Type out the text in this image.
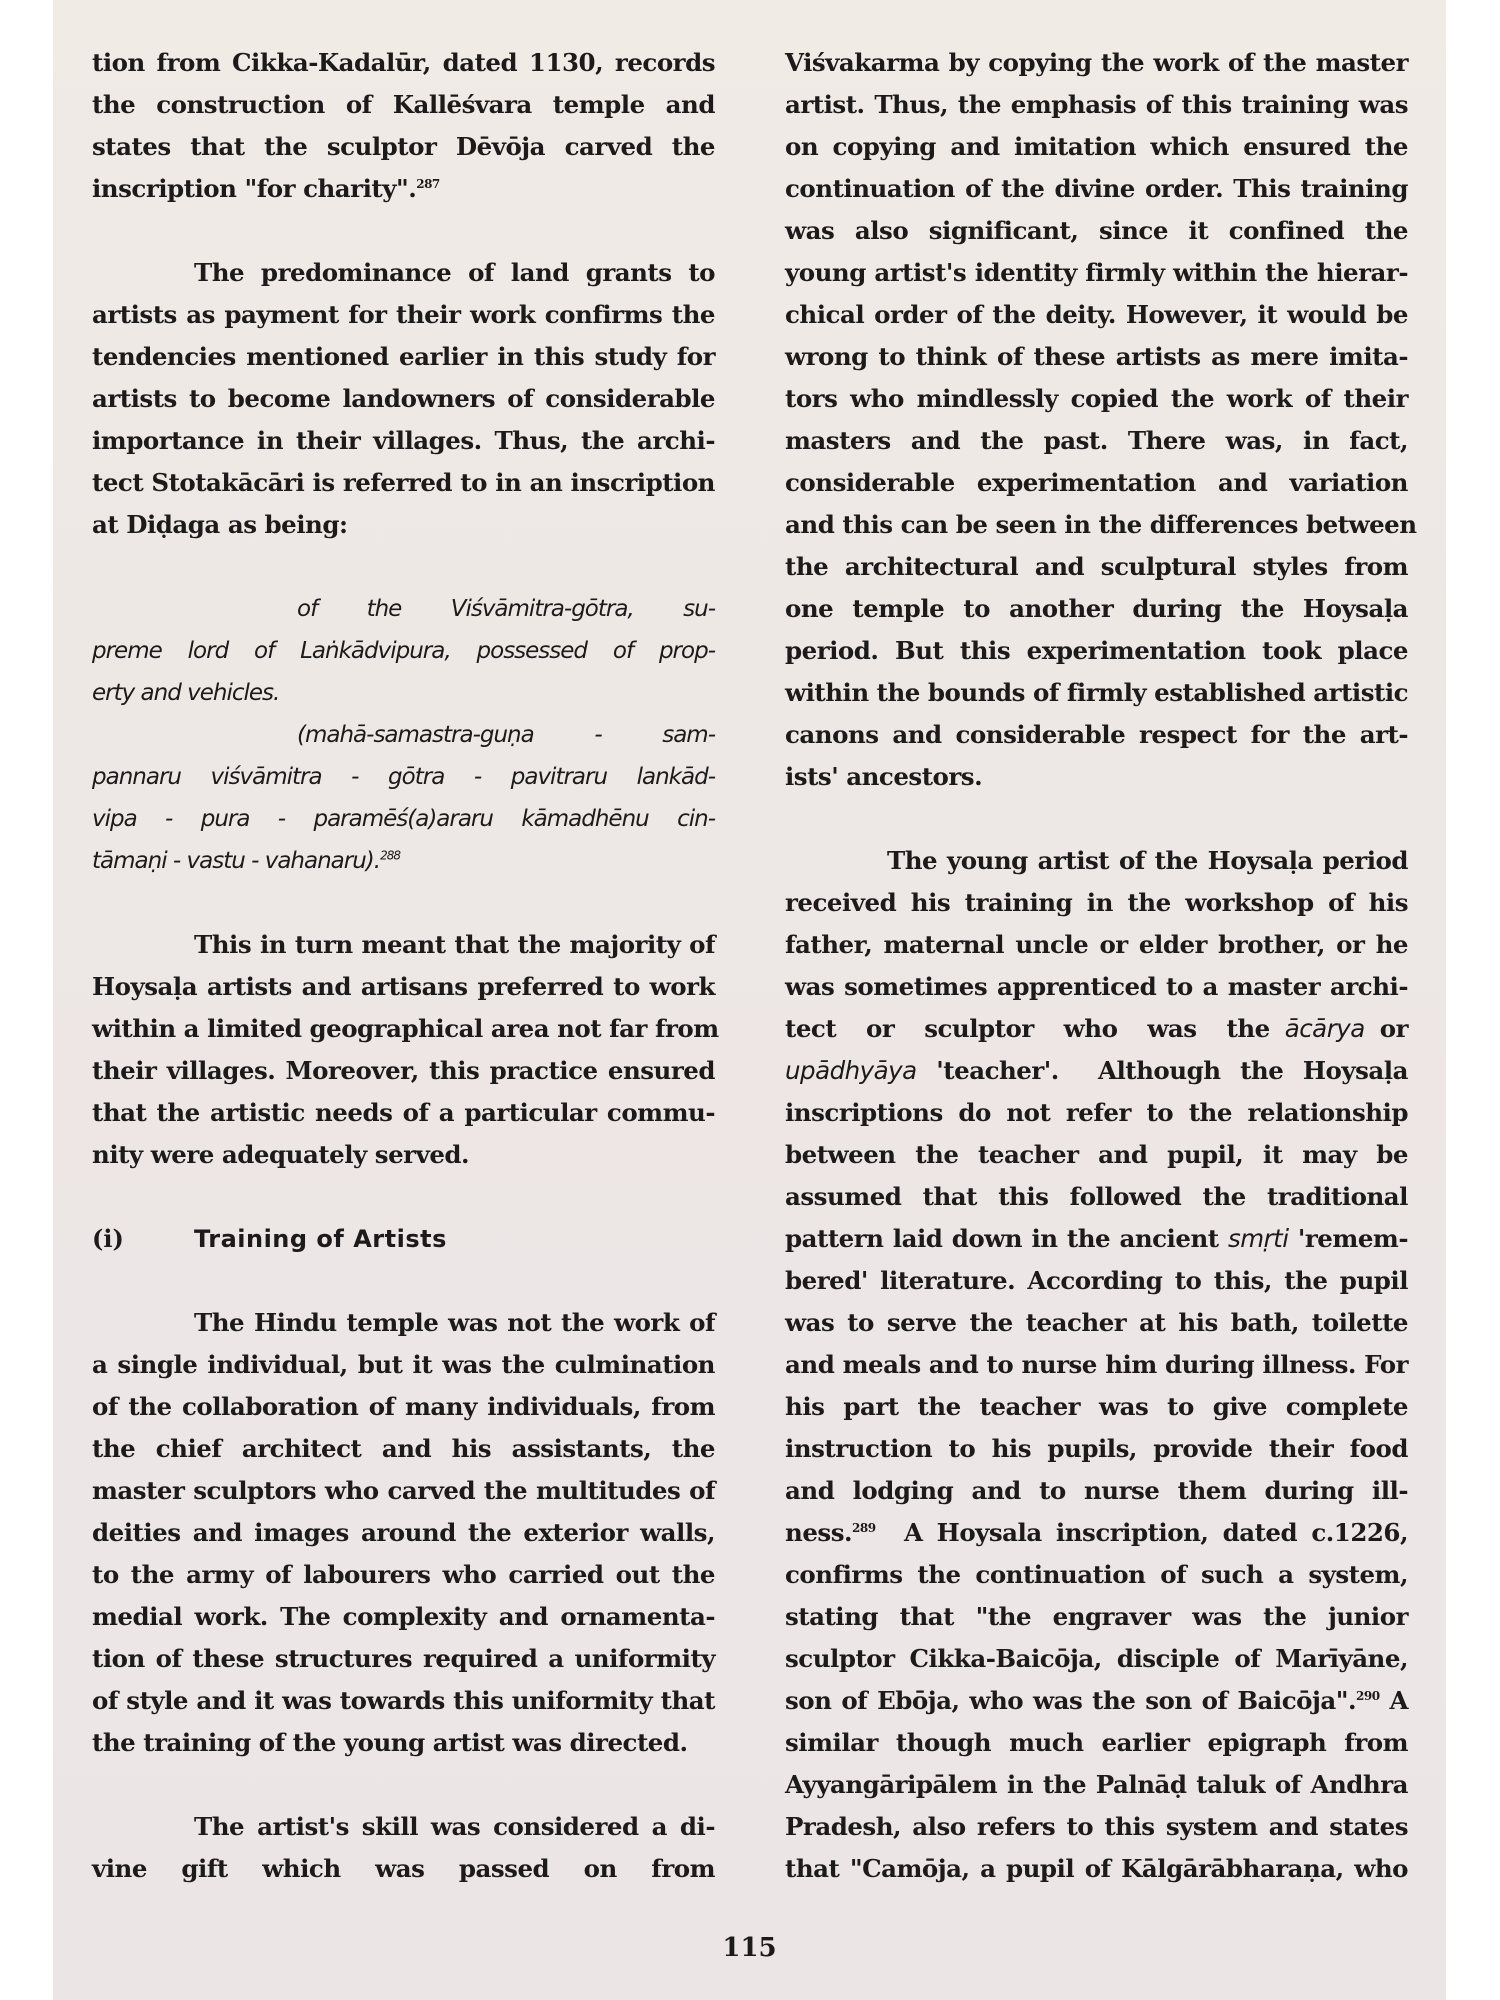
tion from Cikka-Kadalūr, dated 1130, records
the construction of Kallēśvara temple and
states that the sculptor Dēvōja carved the
inscription "for charity".$^{287}$
The predominance of land grants to
artists as payment for their work confirms the
tendencies mentioned earlier in this study for
artists to become landowners of considerable
importance in their villages. Thus, the archi-
tect Stotakācāri is referred to in an inscription
at Diḍaga as being:
of the Viśvāmitra-gōtra, su-
preme lord of Laṅkādvipura, possessed of prop-
erty and vehicles.
(mahā-samastra-guṇa - sam-
pannaru viśvāmitra - gōtra - pavitraru lankād-
vipa - pura - paramēś(a)araru kāmadhēnu cin-
tāmaṇi - vastu - vahanaru).$^{288}$
This in turn meant that the majority of
Hoysaḷa artists and artisans preferred to work
within a limited geographical area not far from
their villages. Moreover, this practice ensured
that the artistic needs of a particular commu-
nity were adequately served.
(i)	Training of Artists
The Hindu temple was not the work of
a single individual, but it was the culmination
of the collaboration of many individuals, from
the chief architect and his assistants, the
master sculptors who carved the multitudes of
deities and images around the exterior walls,
to the army of labourers who carried out the
medial work. The complexity and ornamenta-
tion of these structures required a uniformity
of style and it was towards this uniformity that
the training of the young artist was directed.
The artist's skill was considered a di-
vine gift which was passed on from
Viśvakarma by copying the work of the master
artist. Thus, the emphasis of this training was
on copying and imitation which ensured the
continuation of the divine order. This training
was also significant, since it confined the
young artist's identity firmly within the hierar-
chical order of the deity. However, it would be
wrong to think of these artists as mere imita-
tors who mindlessly copied the work of their
masters and the past. There was, in fact,
considerable experimentation and variation
and this can be seen in the differences between
the architectural and sculptural styles from
one temple to another during the Hoysaḷa
period. But this experimentation took place
within the bounds of firmly established artistic
canons and considerable respect for the art-
ists' ancestors.
The young artist of the Hoysaḷa period
received his training in the workshop of his
father, maternal uncle or elder brother, or he
was sometimes apprenticed to a master archi-
tect  or  sculptor  who  was  the ācārya or
upādhyāya 'teacher'.  Although the Hoysaḷa
inscriptions do not refer to the relationship
between the teacher and pupil, it may be
assumed that this followed the traditional
pattern laid down in the ancient smṛti 'remem-
bered' literature. According to this, the pupil
was to serve the teacher at his bath, toilette
and meals and to nurse him during illness. For
his part the teacher was to give complete
instruction to his pupils, provide their food
and lodging and to nurse them during ill-
ness.$^{289}$  A Hoysala inscription, dated c.1226,
confirms the continuation of such a system,
stating that "the engraver was the junior
sculptor Cikka-Baicōja, disciple of Marīyāne,
son of Ebōja, who was the son of Baicōja".$^{290}$ A
similar though much earlier epigraph from
Ayyangāripālem in the Palnāḍ taluk of Andhra
Pradesh, also refers to this system and states
that "Camōja, a pupil of Kālgārābharaṇa, who
115
